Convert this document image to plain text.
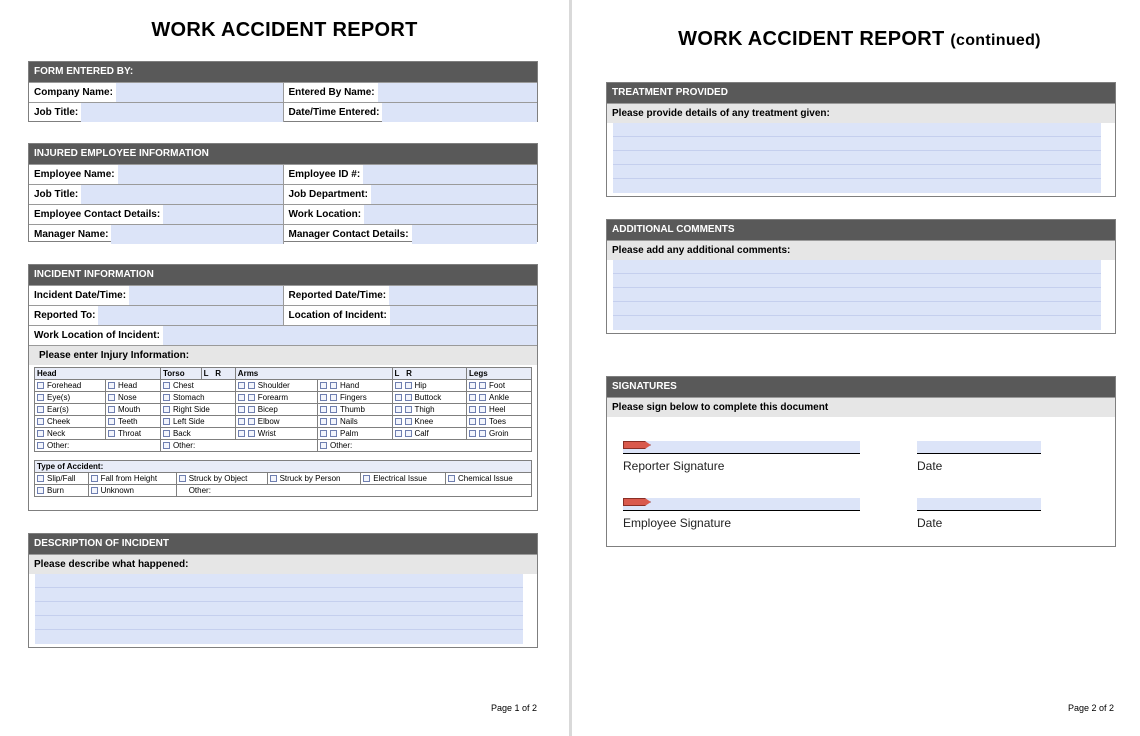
WORK ACCIDENT REPORT
FORM ENTERED BY:
Company Name:	Entered By Name:
Job Title:	Date/Time Entered:
INJURED EMPLOYEE INFORMATION
Employee Name:	Employee ID #:
Job Title:	Job Department:
Employee Contact Details:	Work Location:
Manager Name:	Manager Contact Details:
INCIDENT INFORMATION
Incident Date/Time:	Reported Date/Time:
Reported To:	Location of Incident:
Work Location of Incident:
Please enter Injury Information:
Head		Torso	L R	Arms		L R	Legs
Forehead	Head	Chest		Shoulder	Hand	Hip	Foot
Eye(s)	Nose	Stomach		Forearm	Fingers	Buttock	Ankle
Ear(s)	Mouth	Right Side		Bicep	Thumb	Thigh	Heel
Cheek	Teeth	Left Side		Elbow	Nails	Knee	Toes
Neck	Throat	Back		Wrist	Palm	Calf	Groin
Other:		Other:			Other:		
Type of Accident:					
Slip/Fall	Fall from Height	Struck by Object	Struck by Person	Electrical Issue	Chemical Issue
Burn	Unknown	Other:			
DESCRIPTION OF INCIDENT
Please describe what happened:
Page 1 of 2
WORK ACCIDENT REPORT (continued)
TREATMENT PROVIDED
Please provide details of any treatment given:
ADDITIONAL COMMENTS
Please add any additional comments:
SIGNATURES
Please sign below to complete this document
Reporter Signature	Date
Employee Signature	Date
Page 2 of 2
